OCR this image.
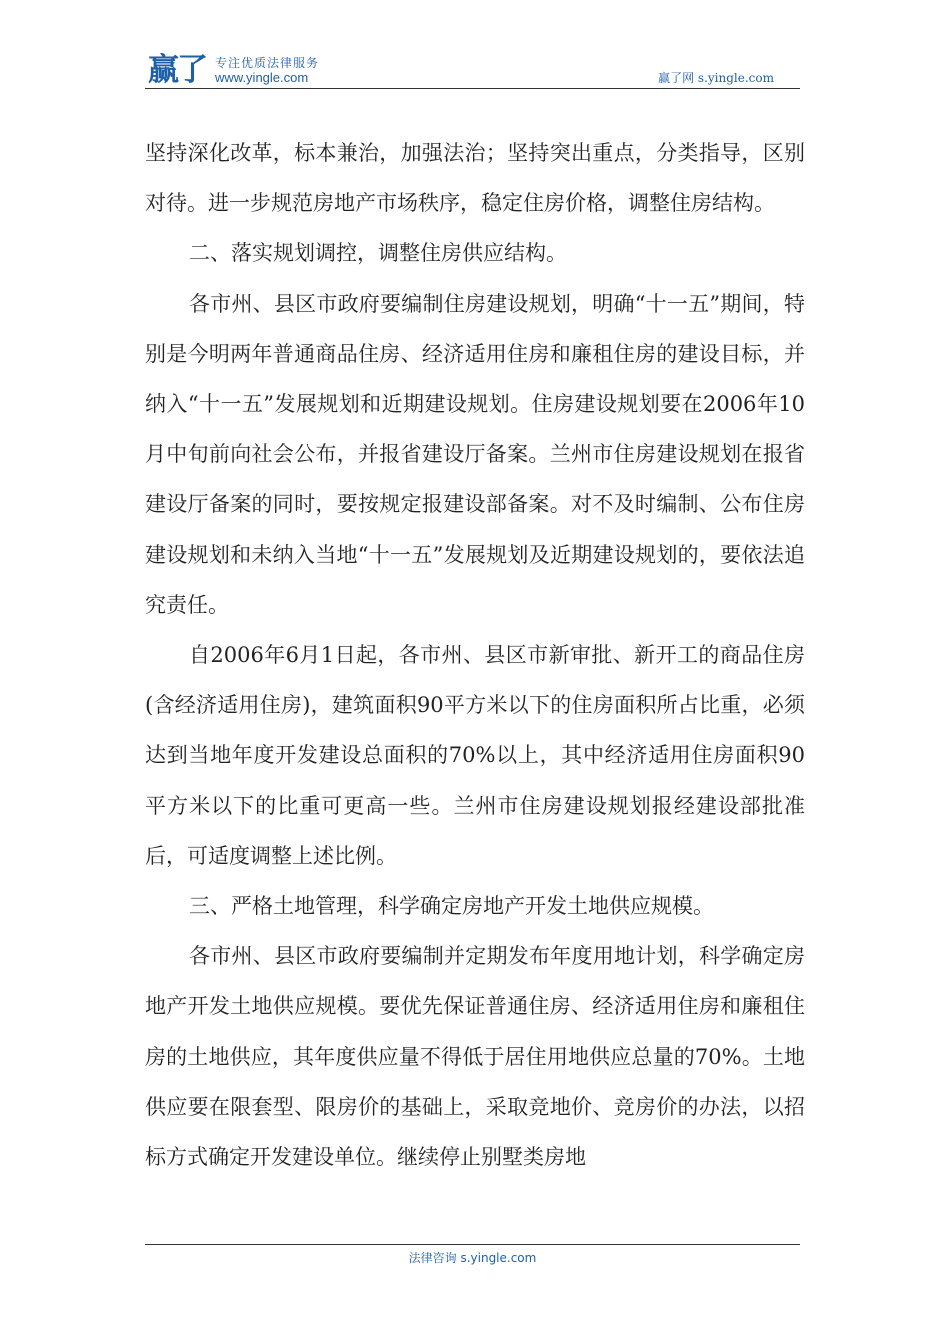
赢了 专注优质法律服务
www.yingle.com	赢了网 s.yingle.com

坚持深化改革，标本兼治，加强法治；坚持突出重点，分类指导，区别对待。进一步规范房地产市场秩序，稳定住房价格，调整住房结构。

二、落实规划调控，调整住房供应结构。

各市州、县区市政府要编制住房建设规划，明确“十一五”期间，特别是今明两年普通商品住房、经济适用住房和廉租住房的建设目标，并纳入“十一五”发展规划和近期建设规划。住房建设规划要在2006年10月中旬前向社会公布，并报省建设厅备案。兰州市住房建设规划在报省建设厅备案的同时，要按规定报建设部备案。对不及时编制、公布住房建设规划和未纳入当地“十一五”发展规划及近期建设规划的，要依法追究责任。

自2006年6月1日起，各市州、县区市新审批、新开工的商品住房(含经济适用住房)，建筑面积90平方米以下的住房面积所占比重，必须达到当地年度开发建设总面积的70%以上，其中经济适用住房面积90平方米以下的比重可更高一些。兰州市住房建设规划报经建设部批准后，可适度调整上述比例。

三、严格土地管理，科学确定房地产开发土地供应规模。

各市州、县区市政府要编制并定期发布年度用地计划，科学确定房地产开发土地供应规模。要优先保证普通住房、经济适用住房和廉租住房的土地供应，其年度供应量不得低于居住用地供应总量的70%。土地供应要在限套型、限房价的基础上，采取竞地价、竞房价的办法，以招标方式确定开发建设单位。继续停止别墅类房地

法律咨询 s.yingle.com
